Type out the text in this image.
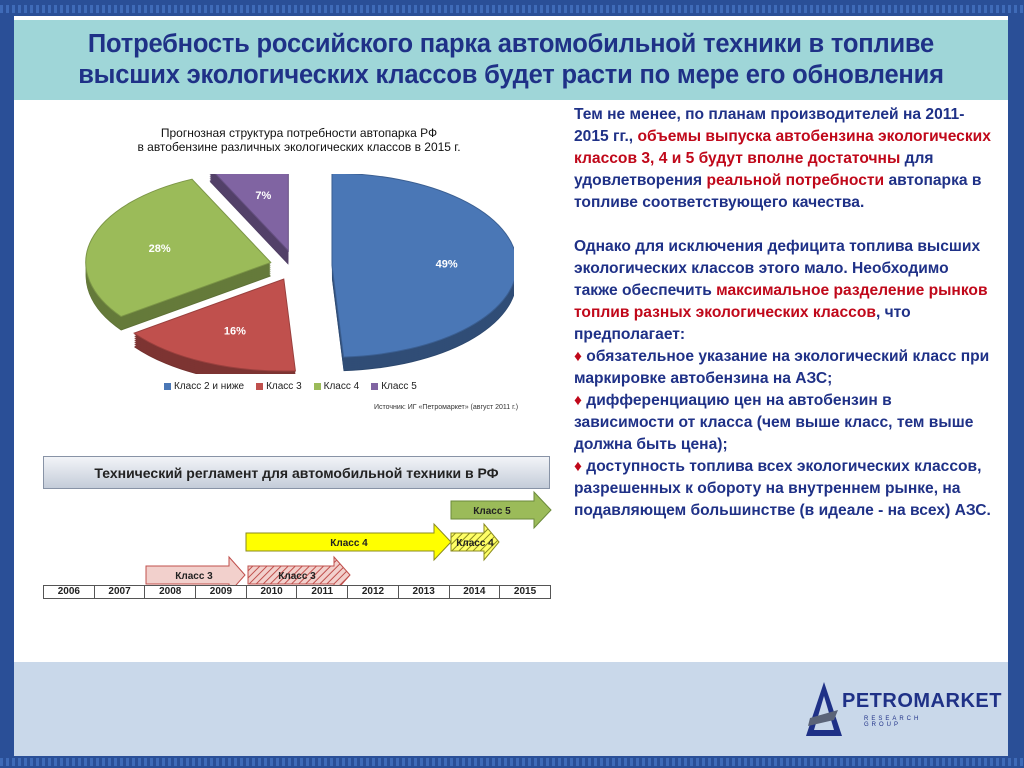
Потребность российского парка автомобильной техники в топливе
высших экологических классов будет расти по мере его обновления
Прогнозная структура потребности автопарка РФ
в автобензине различных экологических классов в 2015 г.
49%
16%
28%
7%
Класс 2 и ниже Класс 3 Класс 4 Класс 5
Источник: ИГ «Петромаркет» (август 2011 г.)
Технический регламент для автомобильной техники в РФ
Класс 5
Класс 4	Класс 4
Класс 3	Класс 3
2006	2007	2008	2009	2010	2011	2012	2013	2014	2015

Тем не менее, по планам производителей на 2011-2015 гг., объемы выпуска автобензина экологических классов 3, 4 и 5 будут вполне достаточны для удовлетворения реальной потребности автопарка в топливе соответствующего качества.

Однако для исключения дефицита топлива высших экологических классов этого мало. Необходимо также обеспечить максимальное разделение рынков топлив разных экологических классов, что предполагает:

♦ обязательное указание на экологический класс при маркировке автобензина на АЗС;

♦ дифференциацию цен на автобензин в зависимости от класса (чем выше класс, тем выше должна быть цена);

♦ доступность топлива всех экологических классов, разрешенных к обороту на внутреннем рынке, на подавляющем большинстве (в идеале - на всех) АЗС.

PETROMARKET
RESEARCH GROUP
